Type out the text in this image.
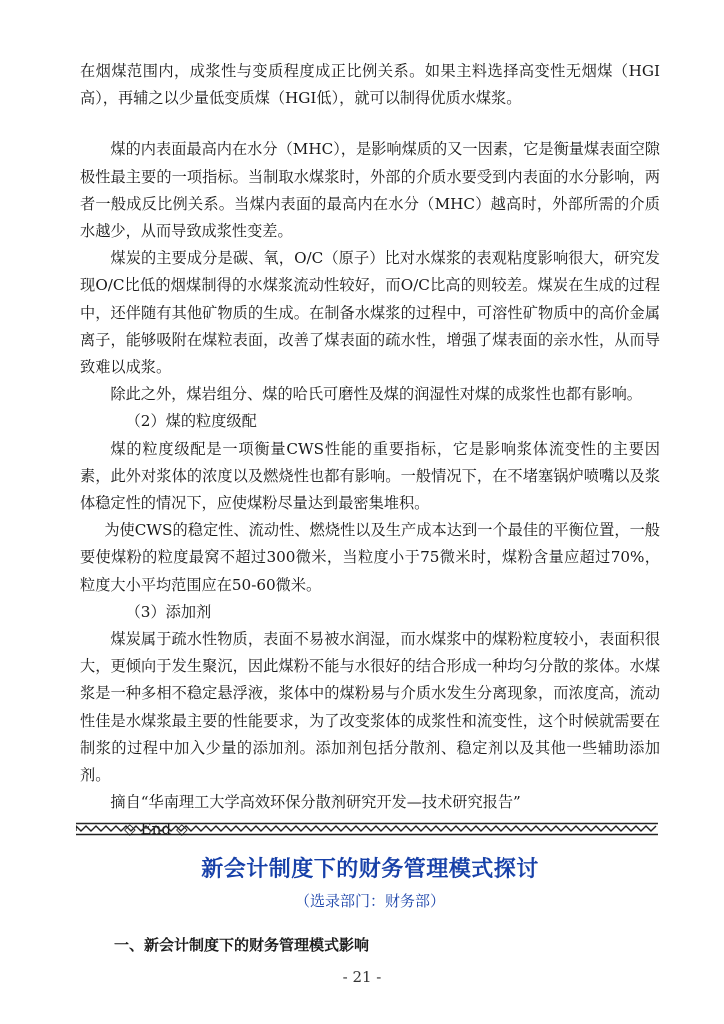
在烟煤范围内，成浆性与变质程度成正比例关系。如果主料选择高变性无烟煤（HGI高），再辅之以少量低变质煤（HGI低），就可以制得优质水煤浆。

煤的内表面最高内在水分（MHC），是影响煤质的又一因素，它是衡量煤表面空隙极性最主要的一项指标。当制取水煤浆时，外部的介质水要受到内表面的水分影响，两者一般成反比例关系。当煤内表面的最高内在水分（MHC）越高时，外部所需的介质水越少，从而导致成浆性变差。

煤炭的主要成分是碳、氧，O/C（原子）比对水煤浆的表观粘度影响很大，研究发现O/C比低的烟煤制得的水煤浆流动性较好，而O/C比高的则较差。煤炭在生成的过程中，还伴随有其他矿物质的生成。在制备水煤浆的过程中，可溶性矿物质中的高价金属离子，能够吸附在煤粒表面，改善了煤表面的疏水性，增强了煤表面的亲水性，从而导致难以成浆。

除此之外，煤岩组分、煤的哈氏可磨性及煤的润湿性对煤的成浆性也都有影响。

（2）煤的粒度级配

煤的粒度级配是一项衡量CWS性能的重要指标，它是影响浆体流变性的主要因素，此外对浆体的浓度以及燃烧性也都有影响。一般情况下，在不堵塞锅炉喷嘴以及浆体稳定性的情况下，应使煤粉尽量达到最密集堆积。

为使CWS的稳定性、流动性、燃烧性以及生产成本达到一个最佳的平衡位置，一般要使煤粉的粒度最窝不超过300微米，当粒度小于75微米时，煤粉含量应超过70%，粒度大小平均范围应在50-60微米。

（3）添加剂

煤炭属于疏水性物质，表面不易被水润湿，而水煤浆中的煤粉粒度较小，表面积很大，更倾向于发生聚沉，因此煤粉不能与水很好的结合形成一种均匀分散的浆体。水煤浆是一种多相不稳定悬浮液，浆体中的煤粉易与介质水发生分离现象，而浓度高，流动性佳是水煤浆最主要的性能要求，为了改变浆体的成浆性和流变性，这个时候就需要在制浆的过程中加入少量的添加剂。添加剂包括分散剂、稳定剂以及其他一些辅助添加剂。

摘自“华南理工大学高效环保分散剂研究开发—技术研究报告”

◇ End ◇

新会计制度下的财务管理模式探讨
（选录部门：财务部）
一、新会计制度下的财务管理模式影响
- 21 -
